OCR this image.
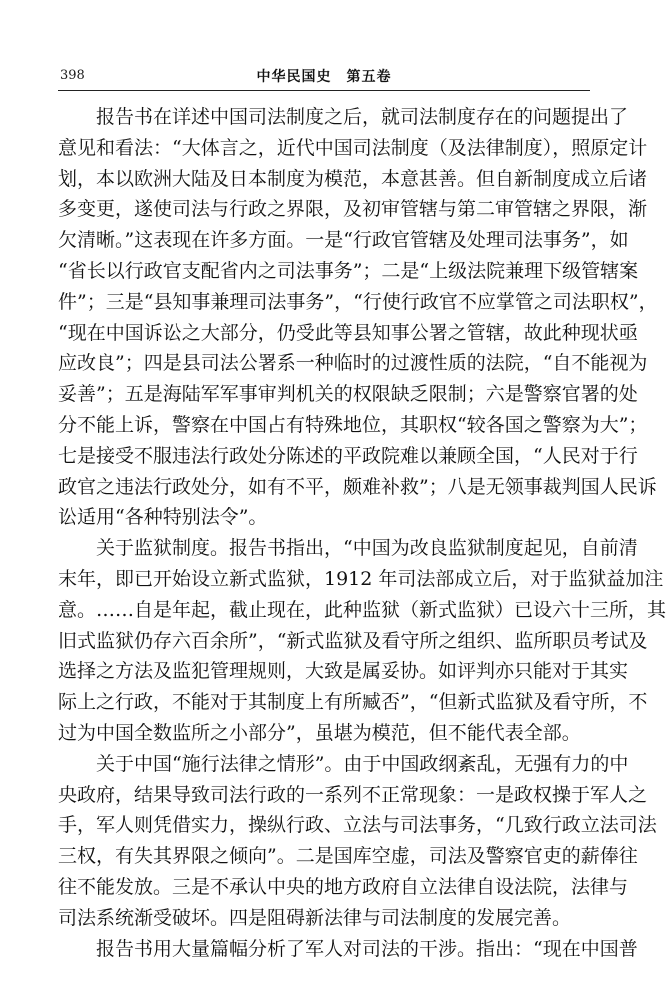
398	中华民国史　第五卷
报告书在详述中国司法制度之后，就司法制度存在的问题提出了
意见和看法：“大体言之，近代中国司法制度（及法律制度），照原定计
划，本以欧洲大陆及日本制度为模范，本意甚善。但自新制度成立后诸
多变更，遂使司法与行政之界限，及初审管辖与第二审管辖之界限，渐
欠清晰。”这表现在许多方面。一是“行政官管辖及处理司法事务”，如
“省长以行政官支配省内之司法事务”；二是“上级法院兼理下级管辖案
件”；三是“县知事兼理司法事务”，“行使行政官不应掌管之司法职权”，
“现在中国诉讼之大部分，仍受此等县知事公署之管辖，故此种现状亟
应改良”；四是县司法公署系一种临时的过渡性质的法院，“自不能视为
妥善”；五是海陆军军事审判机关的权限缺乏限制；六是警察官署的处
分不能上诉，警察在中国占有特殊地位，其职权“较各国之警察为大”；
七是接受不服违法行政处分陈述的平政院难以兼顾全国，“人民对于行
政官之违法行政处分，如有不平，颇难补救”；八是无领事裁判国人民诉
讼适用“各种特别法令”。
关于监狱制度。报告书指出，“中国为改良监狱制度起见，自前清
末年，即已开始设立新式监狱，1912 年司法部成立后，对于监狱益加注
意。……自是年起，截止现在，此种监狱（新式监狱）已设六十三所，其
旧式监狱仍存六百余所”，“新式监狱及看守所之组织、监所职员考试及
选择之方法及监犯管理规则，大致是属妥协。如评判亦只能对于其实
际上之行政，不能对于其制度上有所臧否”，“但新式监狱及看守所，不
过为中国全数监所之小部分”，虽堪为模范，但不能代表全部。
关于中国“施行法律之情形”。由于中国政纲紊乱，无强有力的中
央政府，结果导致司法行政的一系列不正常现象：一是政权操于军人之
手，军人则凭借实力，操纵行政、立法与司法事务，“几致行政立法司法
三权，有失其界限之倾向”。二是国库空虚，司法及警察官吏的薪俸往
往不能发放。三是不承认中央的地方政府自立法律自设法院，法律与
司法系统渐受破坏。四是阻碍新法律与司法制度的发展完善。
报告书用大量篇幅分析了军人对司法的干涉。指出：“现在中国普
